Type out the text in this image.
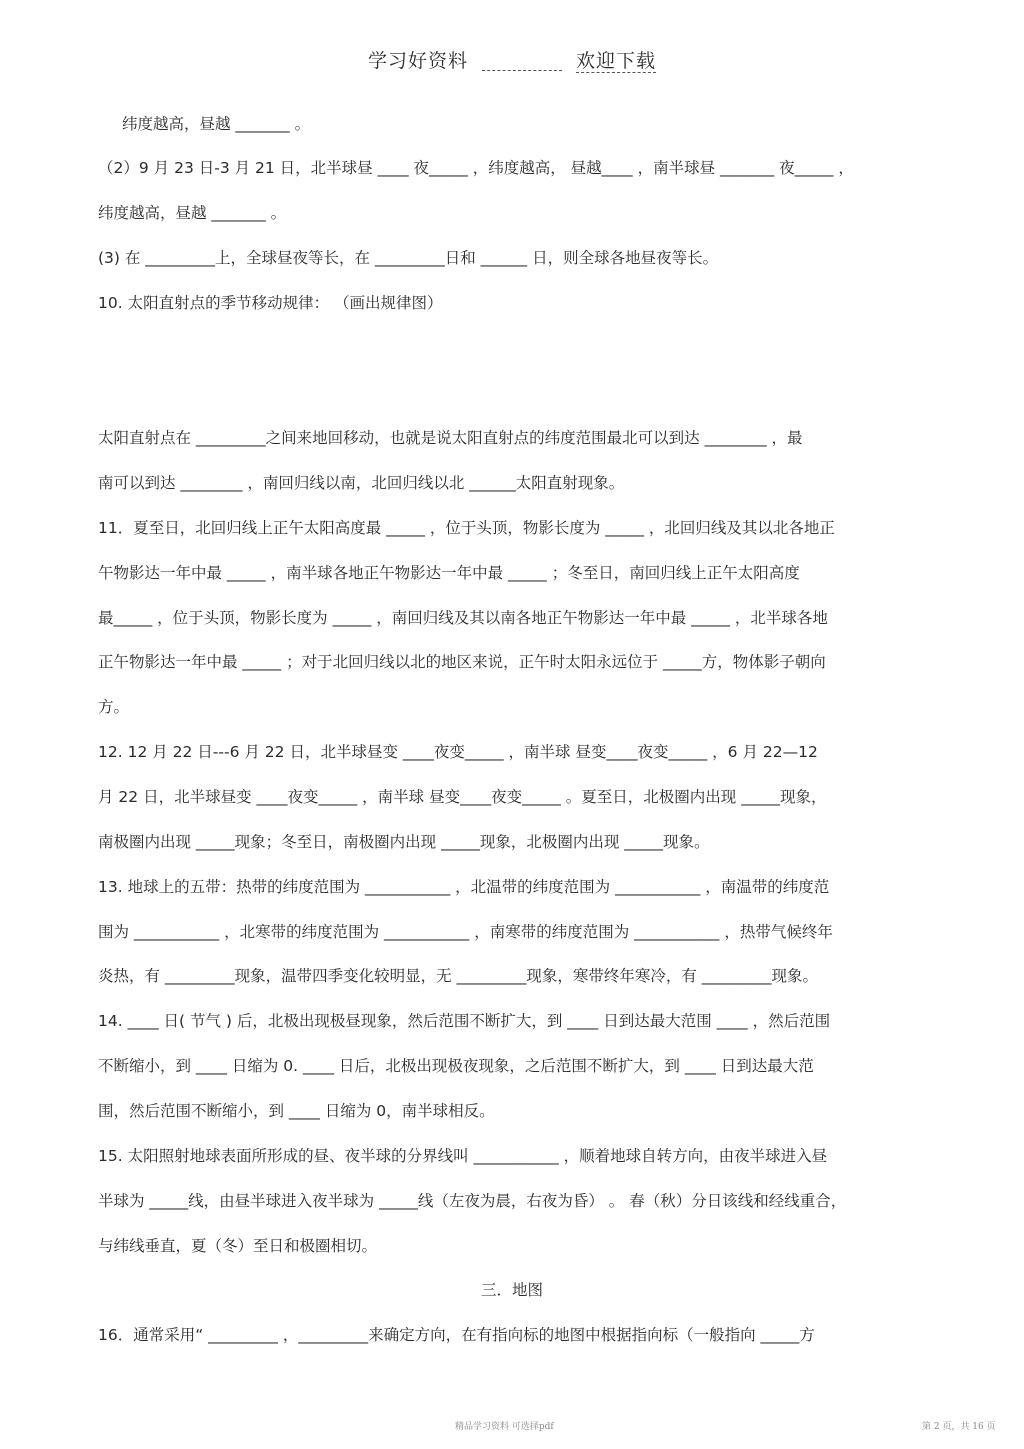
学习好资料	欢迎下载
纬度越高，昼越 _______ 。
（2）9 月 23 日-3 月 21 日，北半球昼 ____ 夜_____ ，纬度越高， 昼越____ ，南半球昼 _______ 夜_____ ，
纬度越高，昼越 _______ 。
(3) 在 _________上，全球昼夜等长，在 _________日和 ______ 日，则全球各地昼夜等长。
10. 太阳直射点的季节移动规律： （画出规律图）
太阳直射点在 _________之间来地回移动，也就是说太阳直射点的纬度范围最北可以到达 ________ ，最
南可以到达 ________ ，南回归线以南，北回归线以北 ______太阳直射现象。
11．夏至日，北回归线上正午太阳高度最 _____ ，位于头顶，物影长度为 _____ ，北回归线及其以北各地正
午物影达一年中最 _____ ，南半球各地正午物影达一年中最 _____ ；冬至日，南回归线上正午太阳高度
最_____ ，位于头顶，物影长度为 _____ ，南回归线及其以南各地正午物影达一年中最 _____ ，北半球各地
正午物影达一年中最 _____ ；对于北回归线以北的地区来说，正午时太阳永远位于 _____方，物体影子朝向
方。
12. 12 月 22 日---6 月 22 日，北半球昼变 ____夜变_____ ，南半球 昼变____夜变_____ ，6 月 22—12
月 22 日，北半球昼变 ____夜变_____ ，南半球 昼变____夜变_____ 。夏至日，北极圈内出现 _____现象，
南极圈内出现 _____现象；冬至日，南极圈内出现 _____现象，北极圈内出现 _____现象。
13. 地球上的五带：热带的纬度范围为 ___________ ，北温带的纬度范围为 ___________ ，南温带的纬度范
围为 ___________ ，北寒带的纬度范围为 ___________ ，南寒带的纬度范围为 ___________ ，热带气候终年
炎热，有 _________现象，温带四季变化较明显，无 _________现象，寒带终年寒冷，有 _________现象。
14. ____ 日( 节气 ) 后，北极出现极昼现象，然后范围不断扩大，到 ____ 日到达最大范围 ____ ，然后范围
不断缩小，到 ____ 日缩为 0. ____ 日后，北极出现极夜现象，之后范围不断扩大，到 ____ 日到达最大范
围，然后范围不断缩小，到 ____ 日缩为 0，南半球相反。
15. 太阳照射地球表面所形成的昼、夜半球的分界线叫 ___________ ，顺着地球自转方向，由夜半球进入昼
半球为 _____线，由昼半球进入夜半球为 _____线（左夜为晨，右夜为昏） 。 春（秋）分日该线和经线重合，
与纬线垂直，夏（冬）至日和极圈相切。
三．地图
16．通常采用“ _________ ，_________来确定方向，在有指向标的地图中根据指向标（一般指向 _____方
精品学习资料 可选择pdf	第 2 页，共 16 页
